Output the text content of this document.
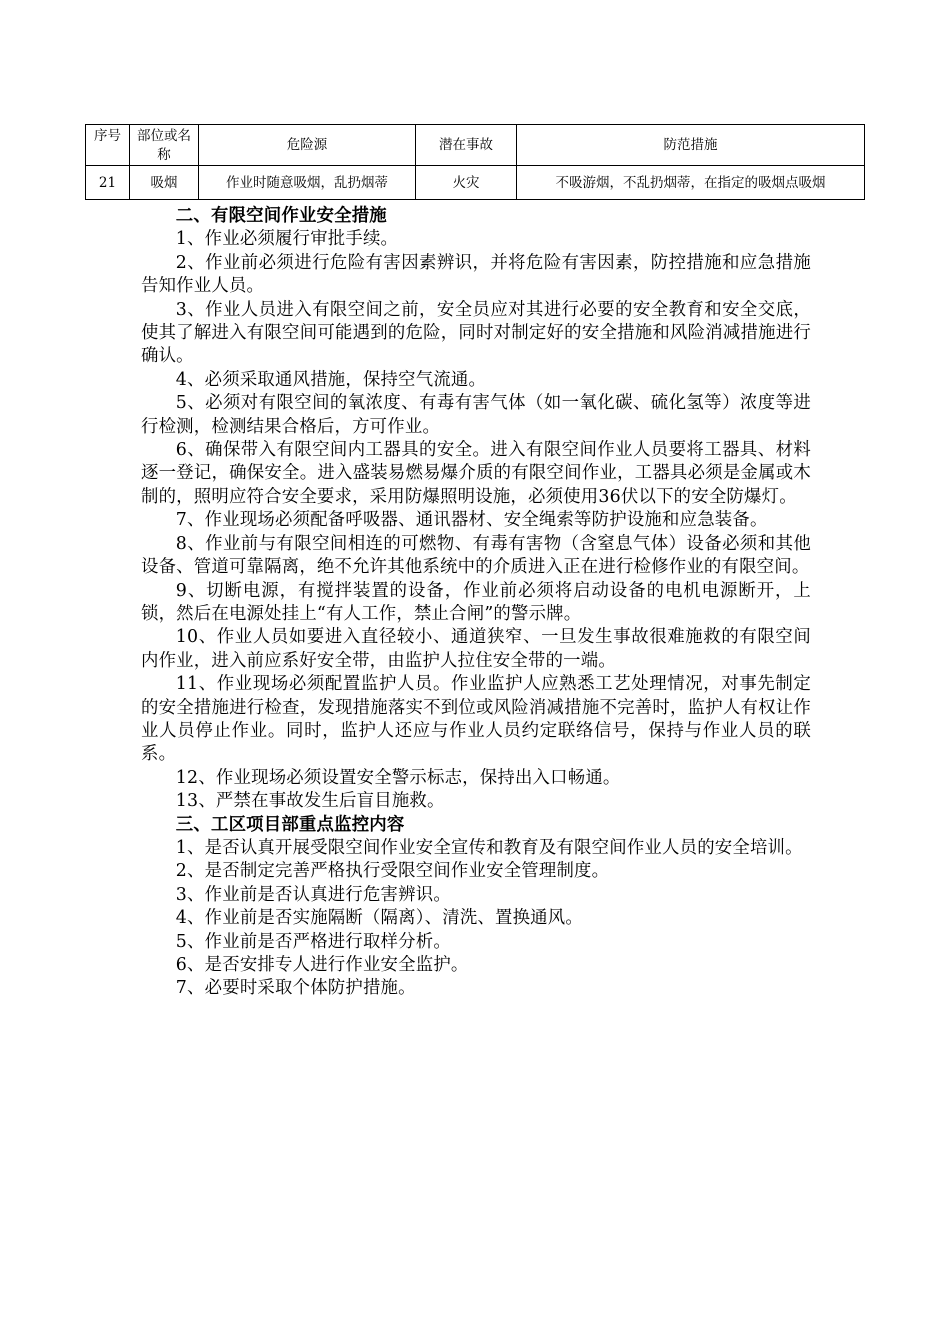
序号	部位或名称	危险源	潜在事故	防范措施
21	吸烟	作业时随意吸烟，乱扔烟蒂	火灾	不吸游烟，不乱扔烟蒂，在指定的吸烟点吸烟
二、有限空间作业安全措施

1、作业必须履行审批手续。

2、作业前必须进行危险有害因素辨识，并将危险有害因素，防控措施和应急措施告知作业人员。

3、作业人员进入有限空间之前，安全员应对其进行必要的安全教育和安全交底，使其了解进入有限空间可能遇到的危险，同时对制定好的安全措施和风险消减措施进行确认。

4、必须采取通风措施，保持空气流通。

5、必须对有限空间的氧浓度、有毒有害气体（如一氧化碳、硫化氢等）浓度等进行检测，检测结果合格后，方可作业。

6、确保带入有限空间内工器具的安全。进入有限空间作业人员要将工器具、材料逐一登记，确保安全。进入盛装易燃易爆介质的有限空间作业，工器具必须是金属或木制的，照明应符合安全要求，采用防爆照明设施，必须使用36伏以下的安全防爆灯。

7、作业现场必须配备呼吸器、通讯器材、安全绳索等防护设施和应急装备。

8、作业前与有限空间相连的可燃物、有毒有害物（含窒息气体）设备必须和其他设备、管道可靠隔离，绝不允许其他系统中的介质进入正在进行检修作业的有限空间。

9、切断电源，有搅拌装置的设备，作业前必须将启动设备的电机电源断开，上锁，然后在电源处挂上“有人工作，禁止合闸”的警示牌。

10、作业人员如要进入直径较小、通道狭窄、一旦发生事故很难施救的有限空间内作业，进入前应系好安全带，由监护人拉住安全带的一端。

11、作业现场必须配置监护人员。作业监护人应熟悉工艺处理情况，对事先制定的安全措施进行检查，发现措施落实不到位或风险消减措施不完善时，监护人有权让作业人员停止作业。同时，监护人还应与作业人员约定联络信号，保持与作业人员的联系。

12、作业现场必须设置安全警示标志，保持出入口畅通。

13、严禁在事故发生后盲目施救。

三、工区项目部重点监控内容

1、是否认真开展受限空间作业安全宣传和教育及有限空间作业人员的安全培训。

2、是否制定完善严格执行受限空间作业安全管理制度。

3、作业前是否认真进行危害辨识。

4、作业前是否实施隔断（隔离）、清洗、置换通风。

5、作业前是否严格进行取样分析。

6、是否安排专人进行作业安全监护。

7、必要时采取个体防护措施。
